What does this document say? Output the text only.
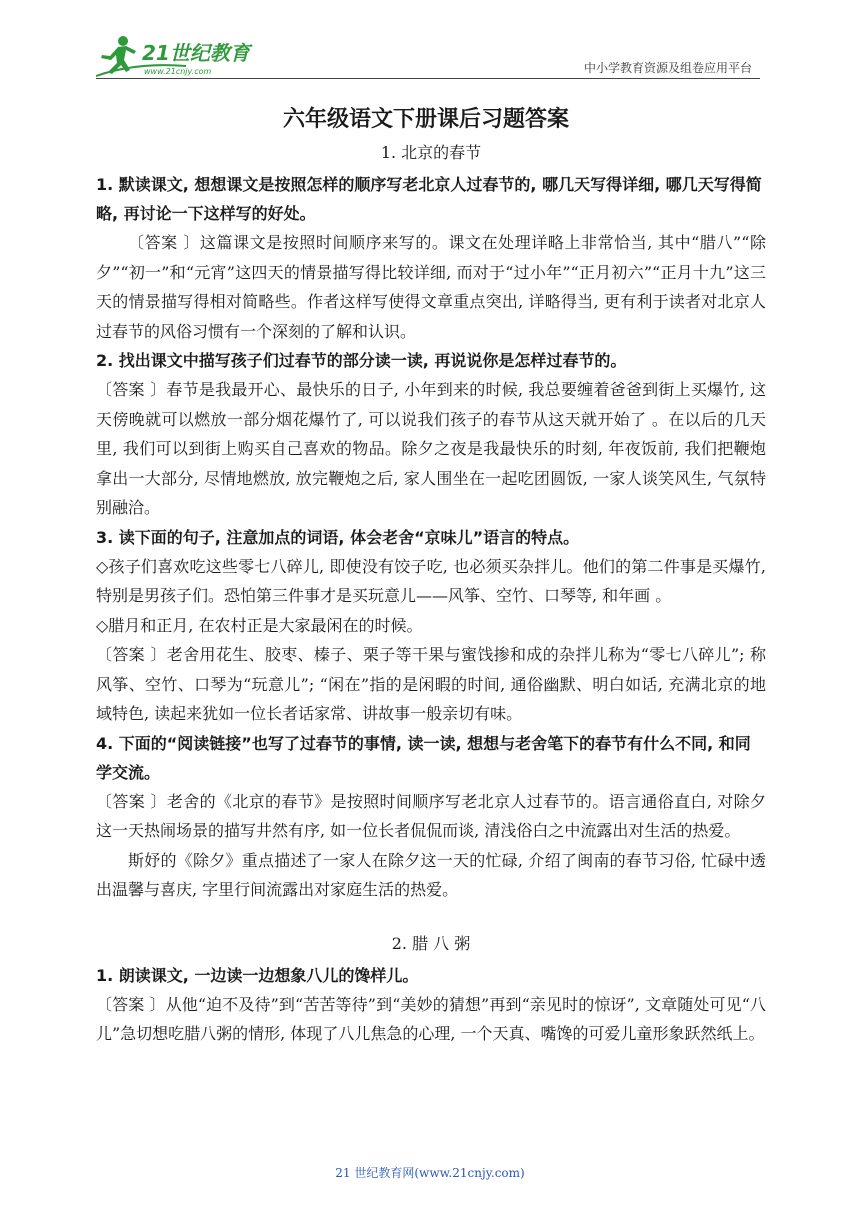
21世纪教育
www.21cnjy.com	中小学教育资源及组卷应用平台
六年级语文下册课后习题答案
1. 北京的春节

1. 默读课文, 想想课文是按照怎样的顺序写老北京人过春节的, 哪几天写得详细, 哪几天写得简略, 再讨论一下这样写的好处。

〔答案 〕这篇课文是按照时间顺序来写的。课文在处理详略上非常恰当, 其中“腊八”“除夕”“初一”和“元宵”这四天的情景描写得比较详细, 而对于“过小年”“正月初六”“正月十九”这三天的情景描写得相对简略些。作者这样写使得文章重点突出, 详略得当, 更有利于读者对北京人过春节的风俗习惯有一个深刻的了解和认识。

2. 找出课文中描写孩子们过春节的部分读一读, 再说说你是怎样过春节的。

〔答案 〕春节是我最开心、最快乐的日子, 小年到来的时候, 我总要缠着爸爸到街上买爆竹, 这天傍晚就可以燃放一部分烟花爆竹了, 可以说我们孩子的春节从这天就开始了 。在以后的几天里, 我们可以到街上购买自己喜欢的物品。除夕之夜是我最快乐的时刻, 年夜饭前, 我们把鞭炮拿出一大部分, 尽情地燃放, 放完鞭炮之后, 家人围坐在一起吃团圆饭, 一家人谈笑风生, 气氛特别融洽。

3. 读下面的句子, 注意加点的词语, 体会老舍“京味儿”语言的特点。

◇孩子们喜欢吃这些零七八碎儿, 即使没有饺子吃, 也必须买杂拌儿。他们的第二件事是买爆竹, 特别是男孩子们。恐怕第三件事才是买玩意儿——风筝、空竹、口琴等, 和年画 。

◇腊月和正月, 在农村正是大家最闲在的时候。

〔答案 〕老舍用花生、胶枣、榛子、栗子等干果与蜜饯掺和成的杂拌儿称为“零七八碎儿”; 称风筝、空竹、口琴为“玩意儿”; “闲在”指的是闲暇的时间, 通俗幽默、明白如话, 充满北京的地域特色, 读起来犹如一位长者话家常、讲故事一般亲切有味。

4. 下面的“阅读链接”也写了过春节的事情, 读一读, 想想与老舍笔下的春节有什么不同, 和同学交流。

〔答案 〕老舍的《北京的春节》是按照时间顺序写老北京人过春节的。语言通俗直白, 对除夕这一天热闹场景的描写井然有序, 如一位长者侃侃而谈, 清浅俗白之中流露出对生活的热爱。

斯妤的《除夕》重点描述了一家人在除夕这一天的忙碌, 介绍了闽南的春节习俗, 忙碌中透出温馨与喜庆, 字里行间流露出对家庭生活的热爱。

2. 腊 八 粥

1. 朗读课文, 一边读一边想象八儿的馋样儿。

〔答案 〕从他“迫不及待”到“苦苦等待”到“美妙的猜想”再到“亲见时的惊讶”, 文章随处可见“八儿”急切想吃腊八粥的情形, 体现了八儿焦急的心理, 一个天真、嘴馋的可爱儿童形象跃然纸上。

21 世纪教育网(www.21cnjy.com)
